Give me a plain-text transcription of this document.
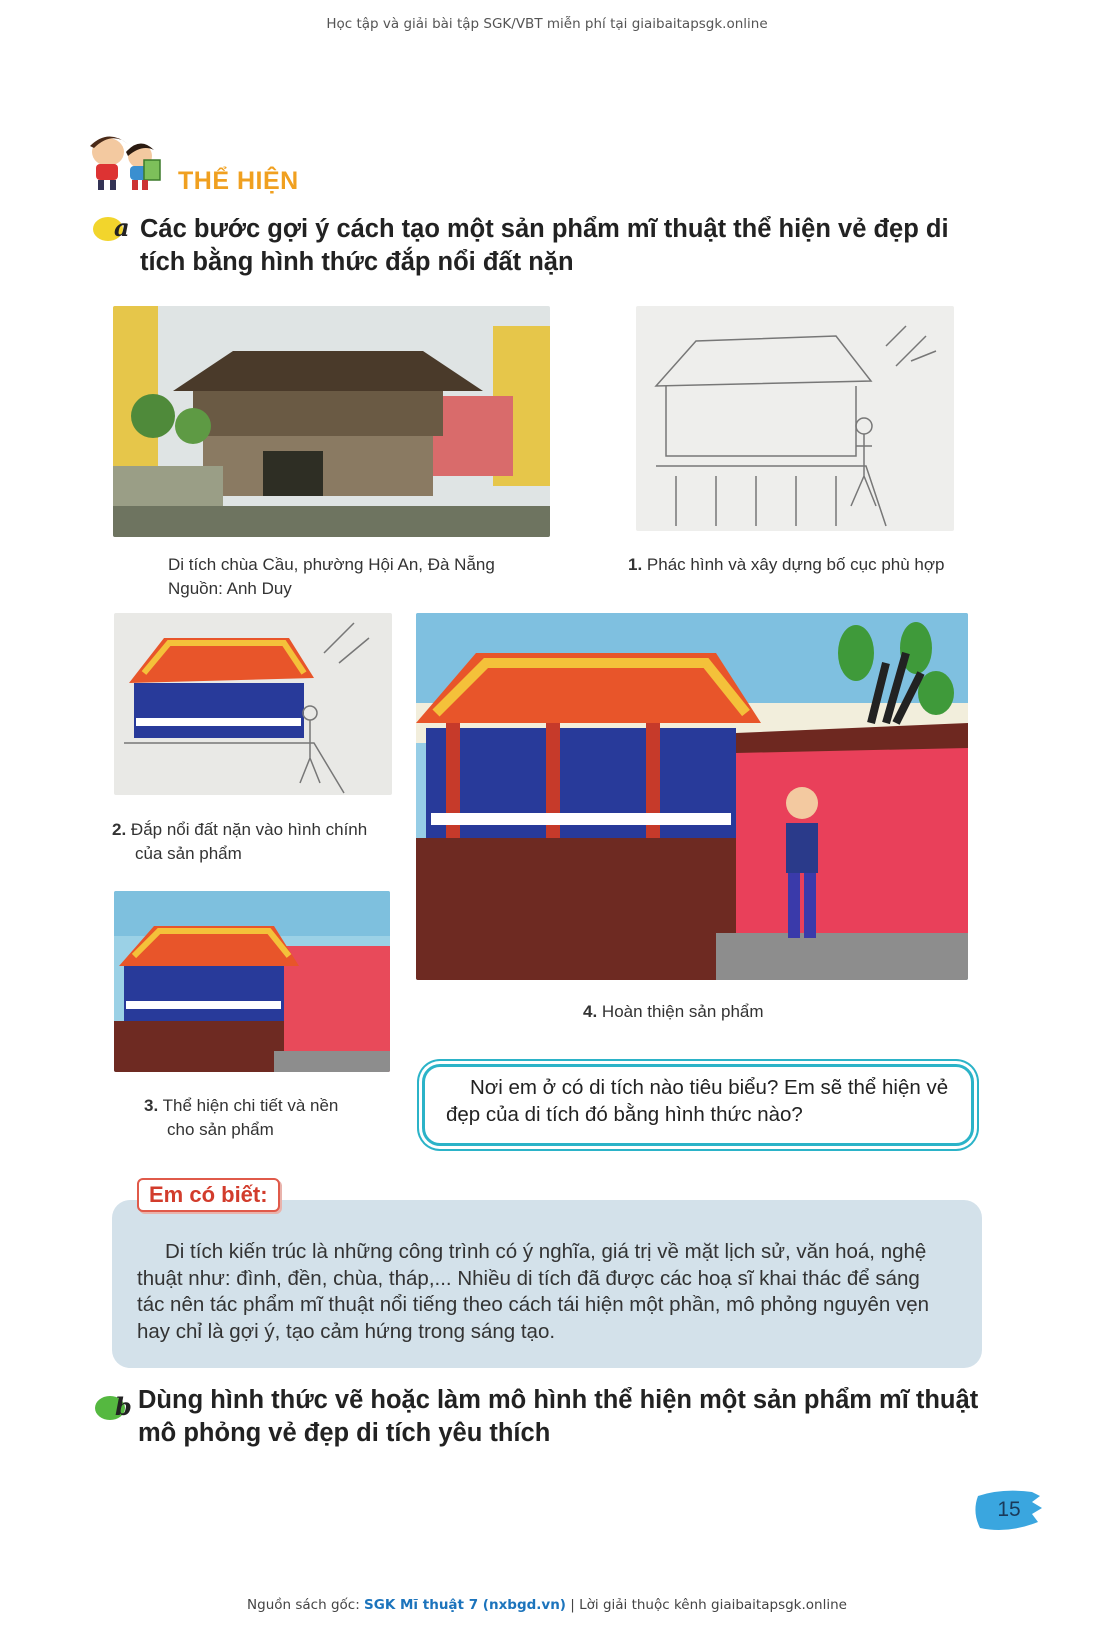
Học tập và giải bài tập SGK/VBT miễn phí tại giaibaitapsgk.online
THỂ HIỆN
a Các bước gợi ý cách tạo một sản phẩm mĩ thuật thể hiện vẻ đẹp di
tích bằng hình thức đắp nổi đất nặn
Di tích chùa Cầu, phường Hội An, Đà Nẵng
Nguồn: Anh Duy
1. Phác hình và xây dựng bố cục phù hợp
2. Đắp nổi đất nặn vào hình chính
của sản phẩm
3. Thể hiện chi tiết và nền
cho sản phẩm
4. Hoàn thiện sản phẩm
Nơi em ở có di tích nào tiêu biểu? Em sẽ thể hiện vẻ đẹp của di tích đó bằng hình thức nào?
Em có biết:
Di tích kiến trúc là những công trình có ý nghĩa, giá trị về mặt lịch sử, văn hoá, nghệ thuật như: đình, đền, chùa, tháp,... Nhiều di tích đã được các hoạ sĩ khai thác để sáng tác nên tác phẩm mĩ thuật nổi tiếng theo cách tái hiện một phần, mô phỏng nguyên vẹn hay chỉ là gợi ý, tạo cảm hứng trong sáng tạo.
b Dùng hình thức vẽ hoặc làm mô hình thể hiện một sản phẩm mĩ thuật
mô phỏng vẻ đẹp di tích yêu thích
15
Nguồn sách gốc: SGK Mĩ thuật 7 (nxbgd.vn) | Lời giải thuộc kênh giaibaitapsgk.online
